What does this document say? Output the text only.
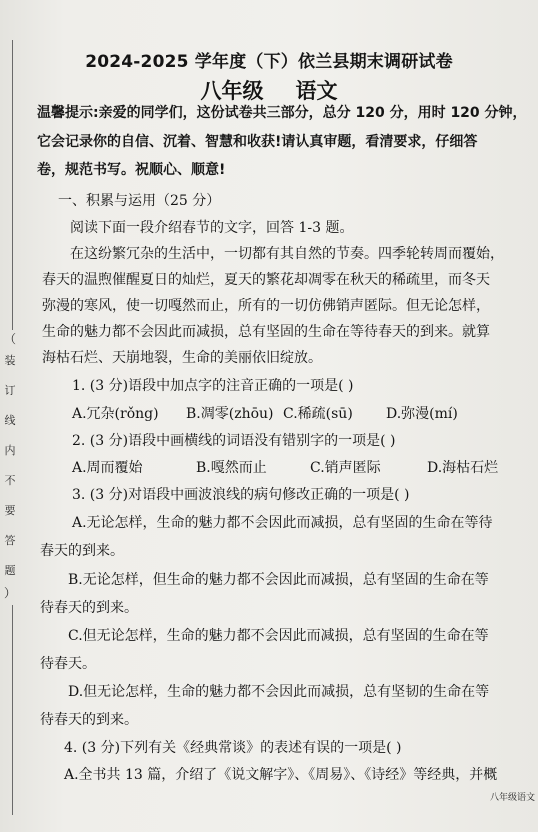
（
装
订
线
内
不
要
答
题
）
2024-2025 学年度（下）依兰县期末调研试卷
八年级 语文
温馨提示:亲爱的同学们，这份试卷共三部分，总分 120 分，用时 120 分钟，
它会记录你的自信、沉着、智慧和收获!请认真审题，看清要求，仔细答
卷，规范书写。祝顺心、顺意!
一、积累与运用（25 分）
阅读下面一段介绍春节的文字，回答 1-3 题。
在这纷繁冗杂的生活中，一切都有其自然的节奏。四季轮转周而覆始，
春天的温煦催醒夏日的灿烂，夏天的繁花却凋零在秋天的稀疏里，而冬天
弥漫的寒风，使一切嘎然而止，所有的一切仿佛销声匿际。但无论怎样，
生命的魅力都不会因此而减损，总有坚固的生命在等待春天的到来。就算
海枯石烂、天崩地裂，生命的美丽依旧绽放。
1. (3 分)语段中加点字的注音正确的一项是( )
A.冗杂(rǒng) B.凋零(zhōu) C.稀疏(sū) D.弥漫(mí)
2. (3 分)语段中画横线的词语没有错别字的一项是( )
A.周而覆始	B.嘎然而止	C.销声匿际	D.海枯石烂
3. (3 分)对语段中画波浪线的病句修改正确的一项是( )
A.无论怎样，生命的魅力都不会因此而减损，总有坚固的生命在等待
春天的到来。
B.无论怎样，但生命的魅力都不会因此而减损，总有坚固的生命在等
待春天的到来。
C.但无论怎样，生命的魅力都不会因此而减损，总有坚固的生命在等
待春天。
D.但无论怎样，生命的魅力都不会因此而减损，总有坚韧的生命在等
待春天的到来。
4. (3 分)下列有关《经典常谈》的表述有误的一项是( )
A.全书共 13 篇，介绍了《说文解字》、《周易》、《诗经》等经典，并概
八年级语文
